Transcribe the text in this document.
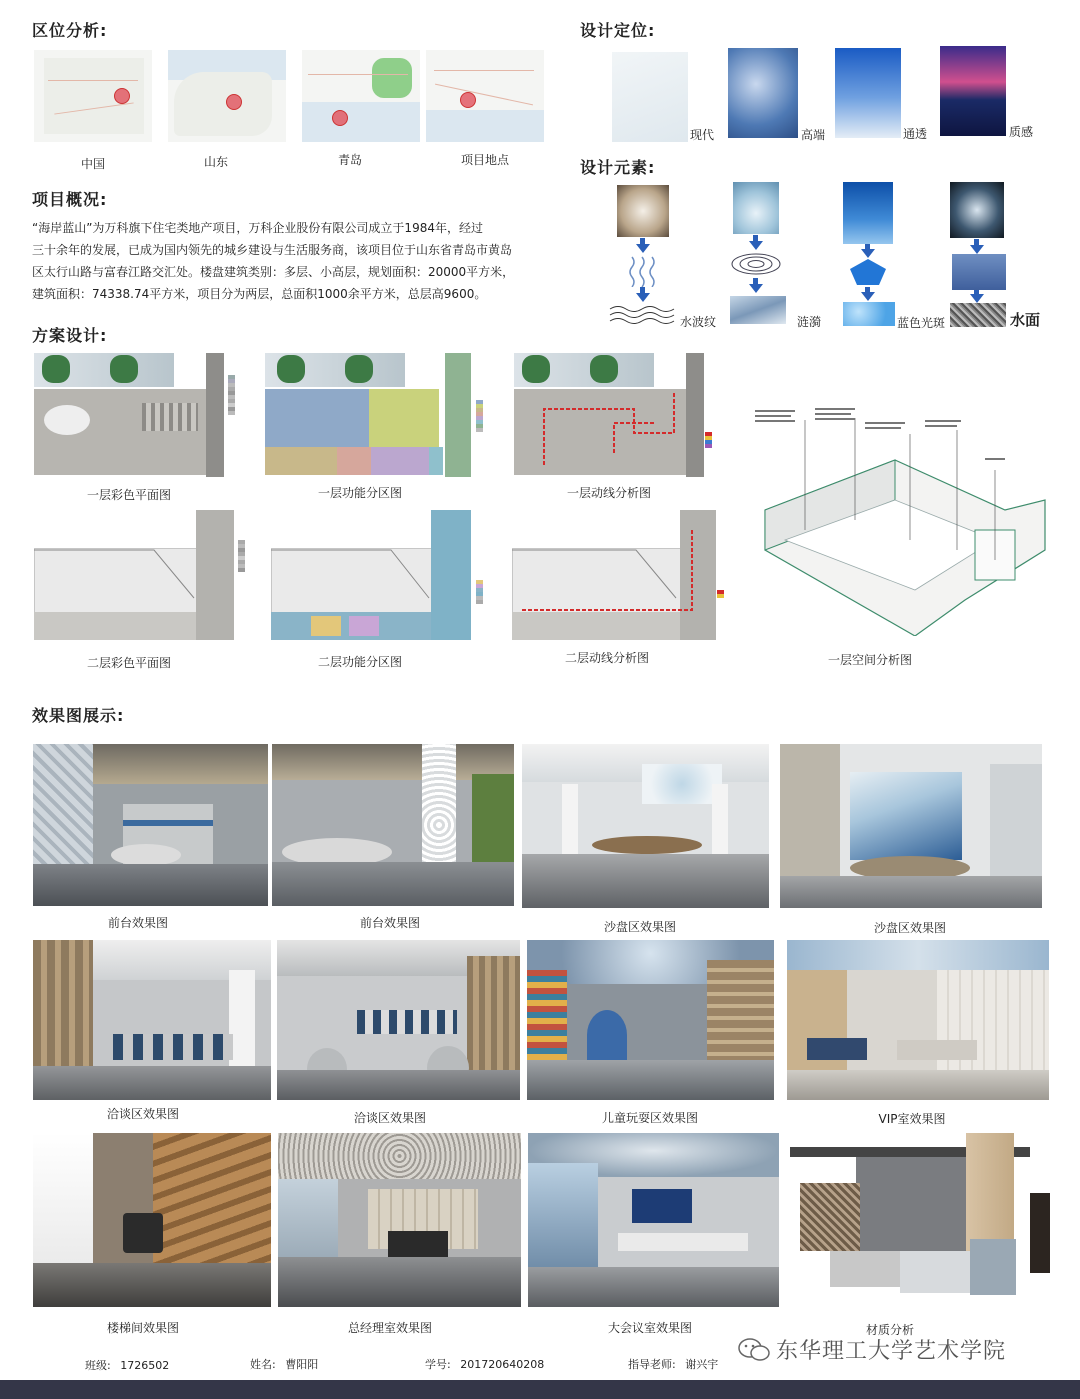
区位分析:
中国	山东	青岛	项目地点
项目概况:
“海岸蓝山”为万科旗下住宅类地产项目，万科企业股份有限公司成立于1984年，经过
三十余年的发展，已成为国内领先的城乡建设与生活服务商，该项目位于山东省青岛市黄岛
区太行山路与富春江路交汇处。楼盘建筑类别：多层、小高层，规划面积：20000平方米，
建筑面积：74338.74平方米，项目分为两层，总面积1000余平方米，总层高9600。
设计定位:
现代	高端	通透	质感
设计元素:
水波纹	涟漪	蓝色光斑	水面
方案设计:
一层彩色平面图	一层功能分区图	一层动线分析图
二层彩色平面图	二层功能分区图	二层动线分析图	一层空间分析图
效果图展示:
前台效果图	前台效果图	沙盘区效果图	沙盘区效果图
洽谈区效果图	洽谈区效果图	儿童玩耍区效果图	VIP室效果图
楼梯间效果图	总经理室效果图	大会议室效果图	材质分析
班级: 1726502	姓名: 曹阳阳	学号: 201720640208	指导老师: 谢兴宇
东华理工大学艺术学院
